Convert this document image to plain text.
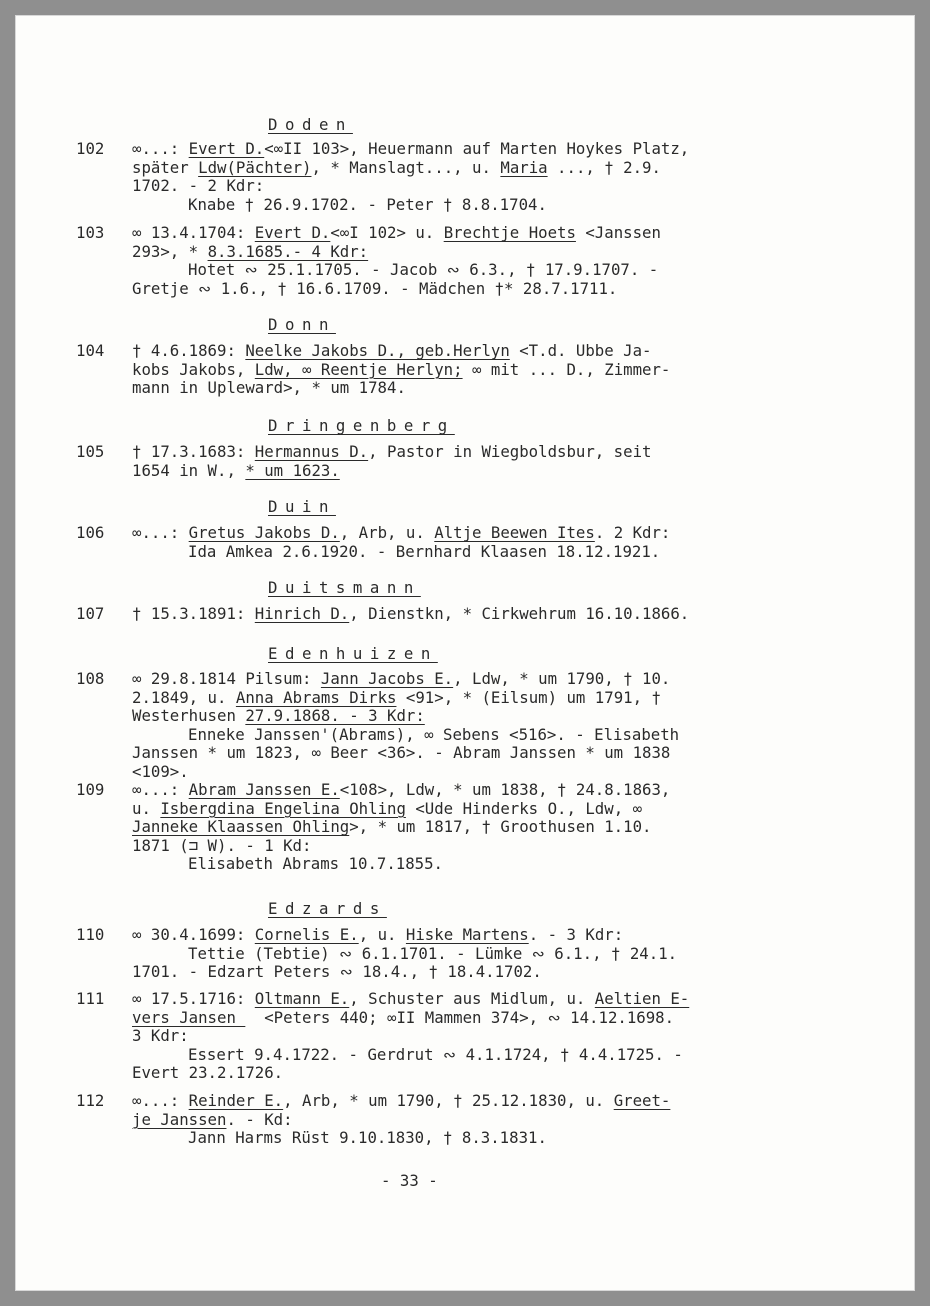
Doden
102 ∞...: Evert D.<∞II 103>, Heuermann auf Marten Hoykes Platz,
später Ldw(Pächter), * Manslagt..., u. Maria ..., † 2.9.
1702. - 2 Kdr:
Knabe † 26.9.1702. - Peter † 8.8.1704.
103 ∞ 13.4.1704: Evert D.<∞I 102> u. Brechtje Hoets <Janssen
293>, * 8.3.1685.- 4 Kdr:
Hotet ∾ 25.1.1705. - Jacob ∾ 6.3., † 17.9.1707. -
Gretje ∾ 1.6., † 16.6.1709. - Mädchen †* 28.7.1711.
Donn
104 † 4.6.1869: Neelke Jakobs D., geb.Herlyn <T.d. Ubbe Ja-
kobs Jakobs, Ldw, ∞ Reentje Herlyn; ∞ mit ... D., Zimmer-
mann in Upleward>, * um 1784.
Dringenberg
105 † 17.3.1683: Hermannus D., Pastor in Wiegboldsbur, seit
1654 in W., * um 1623.
Duin
106 ∞...: Gretus Jakobs D., Arb, u. Altje Beewen Ites. 2 Kdr:
Ida Amkea 2.6.1920. - Bernhard Klaasen 18.12.1921.
Duitsmann
107 † 15.3.1891: Hinrich D., Dienstkn, * Cirkwehrum 16.10.1866.
Edenhuizen
108 ∞ 29.8.1814 Pilsum: Jann Jacobs E., Ldw, * um 1790, † 10.
2.1849, u. Anna Abrams Dirks <91>, * (Eilsum) um 1791, †
Westerhusen 27.9.1868. - 3 Kdr:
Enneke Janssen'(Abrams), ∞ Sebens <516>. - Elisabeth
Janssen * um 1823, ∞ Beer <36>. - Abram Janssen * um 1838
<109>.
109 ∞...: Abram Janssen E.<108>, Ldw, * um 1838, † 24.8.1863,
u. Isbergdina Engelina Ohling <Ude Hinderks O., Ldw, ∞
Janneke Klaassen Ohling>, * um 1817, † Groothusen 1.10.
1871 (⊐ W). - 1 Kd:
Elisabeth Abrams 10.7.1855.
Edzards
110 ∞ 30.4.1699: Cornelis E., u. Hiske Martens. - 3 Kdr:
Tettie (Tebtie) ∾ 6.1.1701. - Lümke ∾ 6.1., † 24.1.
1701. - Edzart Peters ∾ 18.4., † 18.4.1702.
111 ∞ 17.5.1716: Oltmann E., Schuster aus Midlum, u. Aeltien E-
vers Jansen   <Peters 440; ∞II Mammen 374>, ∾ 14.12.1698.
3 Kdr:
Essert 9.4.1722. - Gerdrut ∾ 4.1.1724, † 4.4.1725. -
Evert 23.2.1726.
112 ∞...: Reinder E., Arb, * um 1790, † 25.12.1830, u. Greet-
je Janssen. - Kd:
Jann Harms Rüst 9.10.1830, † 8.3.1831.
- 33 -
